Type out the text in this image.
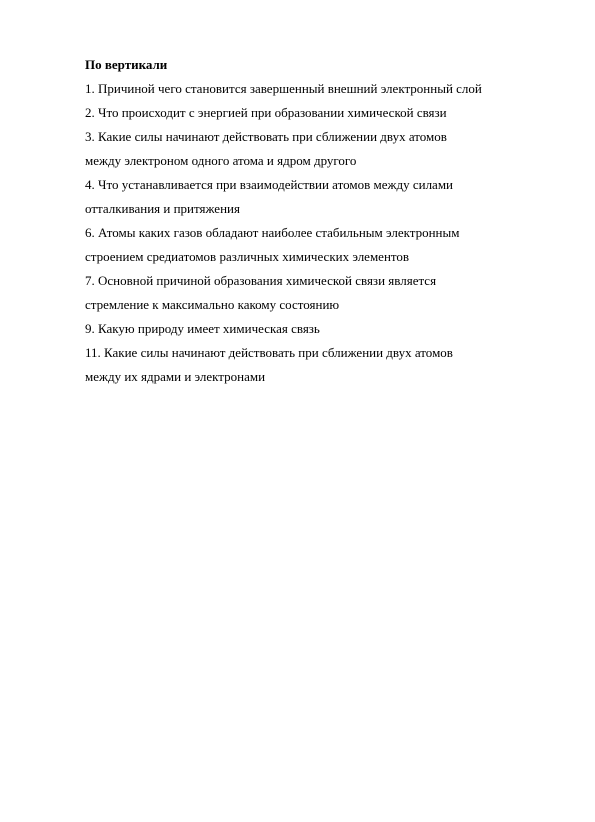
По вертикали

1. Причиной чего становится завершенный внешний электронный слой

2. Что происходит с энергией при образовании химической связи

3. Какие силы начинают действовать при сближении двух атомов
между электроном одного атома и ядром другого

4. Что устанавливается при взаимодействии атомов между силами
отталкивания и притяжения

6. Атомы каких газов обладают наиболее стабильным электронным
строением средиатомов различных химических элементов

7. Основной причиной образования химической связи является
стремление к максимально какому состоянию

9. Какую природу имеет химическая связь

11. Какие силы начинают действовать при сближении двух атомов
между их ядрами и электронами
